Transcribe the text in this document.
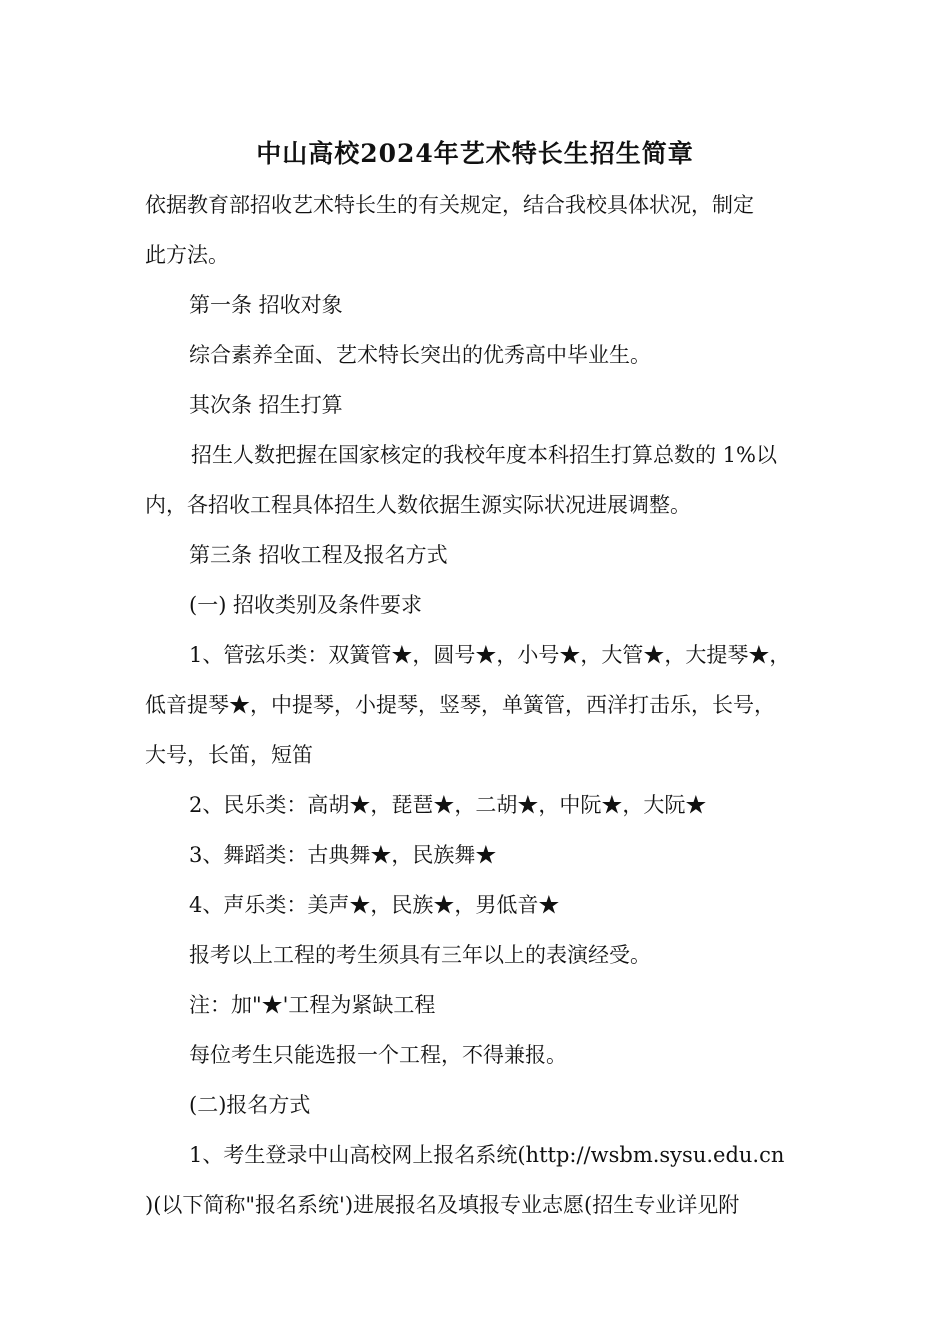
中山高校2024年艺术特长生招生简章
依据教育部招收艺术特长生的有关规定，结合我校具体状况，制定
此方法。
第一条 招收对象
综合素养全面、艺术特长突出的优秀高中毕业生。
其次条 招生打算
招生人数把握在国家核定的我校年度本科招生打算总数的 1%以
内，各招收工程具体招生人数依据生源实际状况进展调整。
第三条 招收工程及报名方式
(一) 招收类别及条件要求
1、管弦乐类：双簧管★，圆号★，小号★，大管★，大提琴★，
低音提琴★，中提琴，小提琴，竖琴，单簧管，西洋打击乐，长号，
大号，长笛，短笛
2、民乐类：高胡★，琵琶★，二胡★，中阮★，大阮★
3、舞蹈类：古典舞★，民族舞★
4、声乐类：美声★，民族★，男低音★
报考以上工程的考生须具有三年以上的表演经受。
注：加"★'工程为紧缺工程
每位考生只能选报一个工程，不得兼报。
(二)报名方式
1、考生登录中山高校网上报名系统(http://wsbm.sysu.edu.cn
)(以下简称"报名系统')进展报名及填报专业志愿(招生专业详见附
